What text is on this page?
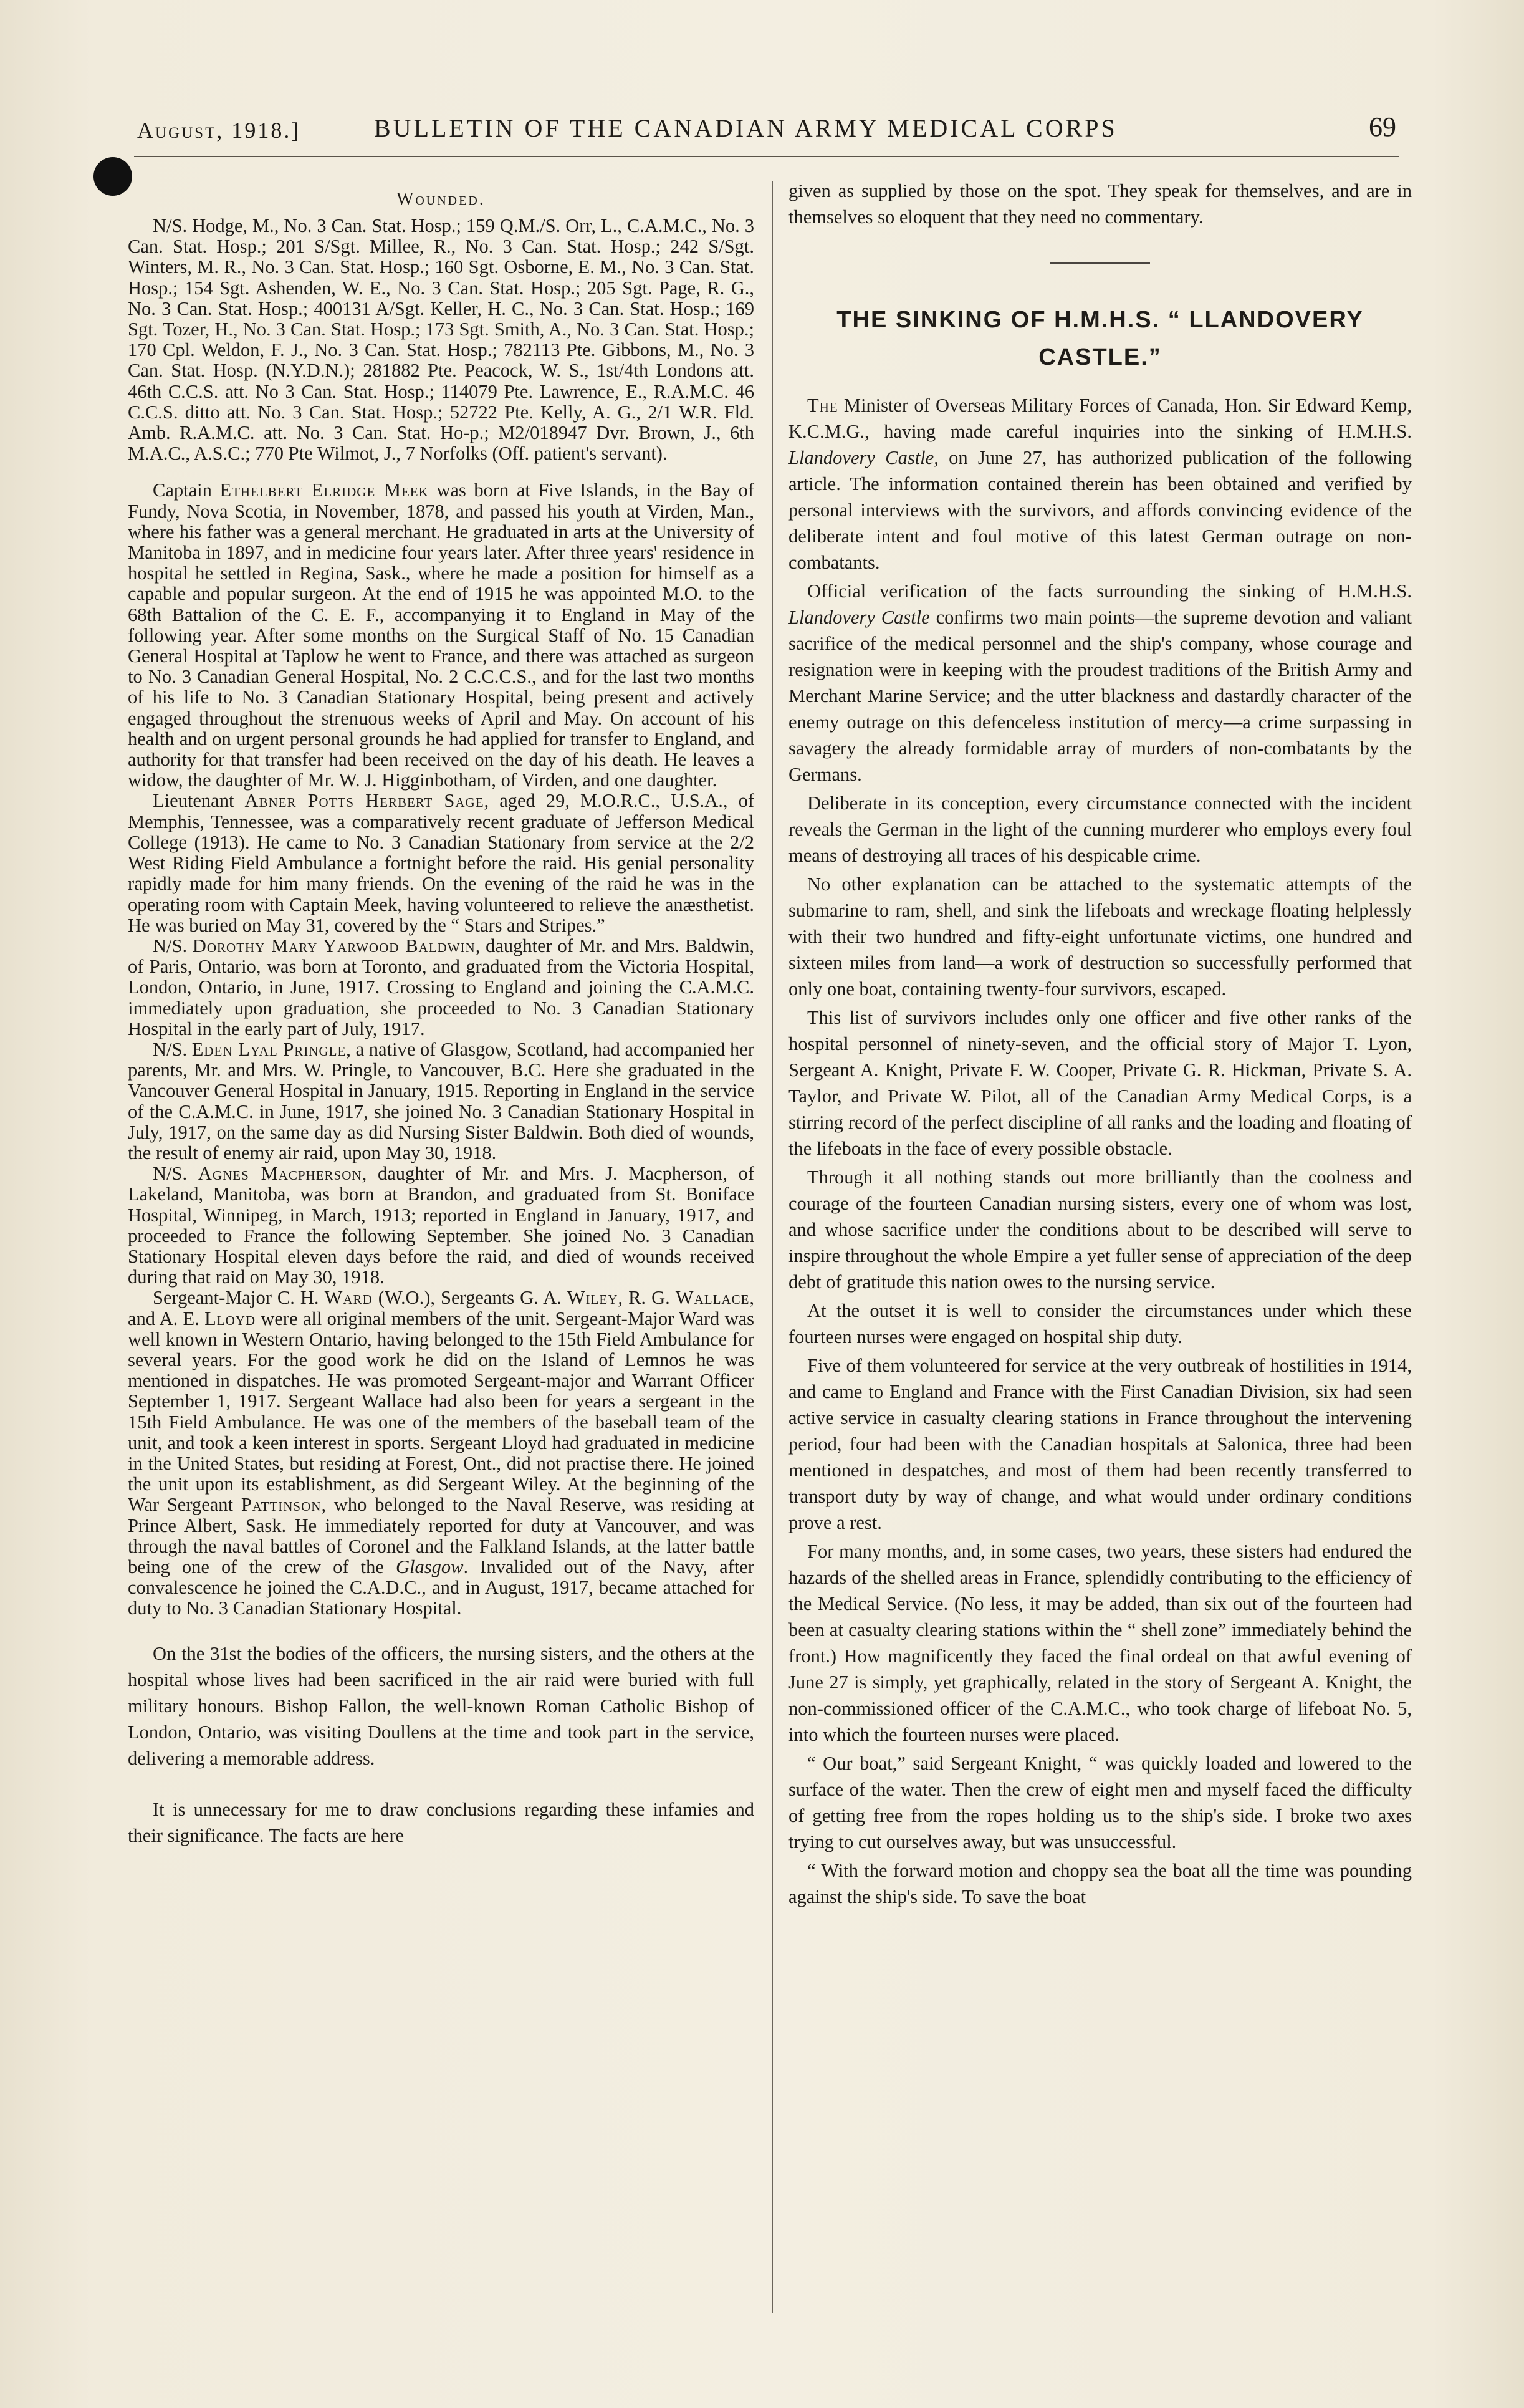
August, 1918.]	BULLETIN OF THE CANADIAN ARMY MEDICAL CORPS	69
Wounded.

N/S. Hodge, M., No. 3 Can. Stat. Hosp.; 159 Q.M./S. Orr, L., C.A.M.C., No. 3 Can. Stat. Hosp.; 201 S/Sgt. Millee, R., No. 3 Can. Stat. Hosp.; 242 S/Sgt. Winters, M. R., No. 3 Can. Stat. Hosp.; 160 Sgt. Osborne, E. M., No. 3 Can. Stat. Hosp.; 154 Sgt. Ashenden, W. E., No. 3 Can. Stat. Hosp.; 205 Sgt. Page, R. G., No. 3 Can. Stat. Hosp.; 400131 A/Sgt. Keller, H. C., No. 3 Can. Stat. Hosp.; 169 Sgt. Tozer, H., No. 3 Can. Stat. Hosp.; 173 Sgt. Smith, A., No. 3 Can. Stat. Hosp.; 170 Cpl. Weldon, F. J., No. 3 Can. Stat. Hosp.; 782113 Pte. Gibbons, M., No. 3 Can. Stat. Hosp. (N.Y.D.N.); 281882 Pte. Peacock, W. S., 1st/4th Londons att. 46th C.C.S. att. No 3 Can. Stat. Hosp.; 114079 Pte. Lawrence, E., R.A.M.C. 46 C.C.S. ditto att. No. 3 Can. Stat. Hosp.; 52722 Pte. Kelly, A. G., 2/1 W.R. Fld. Amb. R.A.M.C. att. No. 3 Can. Stat. Ho-p.; M2/018947 Dvr. Brown, J., 6th M.A.C., A.S.C.; 770 Pte Wilmot, J., 7 Norfolks (Off. patient's servant).

Captain Ethelbert Elridge Meek was born at Five Islands, in the Bay of Fundy, Nova Scotia, in November, 1878, and passed his youth at Virden, Man., where his father was a general merchant. He graduated in arts at the University of Manitoba in 1897, and in medicine four years later. After three years' residence in hospital he settled in Regina, Sask., where he made a position for himself as a capable and popular surgeon. At the end of 1915 he was appointed M.O. to the 68th Battalion of the C. E. F., accompanying it to England in May of the following year. After some months on the Surgical Staff of No. 15 Canadian General Hospital at Taplow he went to France, and there was attached as surgeon to No. 3 Canadian General Hospital, No. 2 C.C.C.S., and for the last two months of his life to No. 3 Canadian Stationary Hospital, being present and actively engaged throughout the strenuous weeks of April and May. On account of his health and on urgent personal grounds he had applied for transfer to England, and authority for that transfer had been received on the day of his death. He leaves a widow, the daughter of Mr. W. J. Higginbotham, of Virden, and one daughter.

Lieutenant Abner Potts Herbert Sage, aged 29, M.O.R.C., U.S.A., of Memphis, Tennessee, was a comparatively recent graduate of Jefferson Medical College (1913). He came to No. 3 Canadian Stationary from service at the 2/2 West Riding Field Ambulance a fortnight before the raid. His genial personality rapidly made for him many friends. On the evening of the raid he was in the operating room with Captain Meek, having volunteered to relieve the anæsthetist. He was buried on May 31, covered by the “ Stars and Stripes.”

N/S. Dorothy Mary Yarwood Baldwin, daughter of Mr. and Mrs. Baldwin, of Paris, Ontario, was born at Toronto, and graduated from the Victoria Hospital, London, Ontario, in June, 1917. Crossing to England and joining the C.A.M.C. immediately upon graduation, she proceeded to No. 3 Canadian Stationary Hospital in the early part of July, 1917.

N/S. Eden Lyal Pringle, a native of Glasgow, Scotland, had accompanied her parents, Mr. and Mrs. W. Pringle, to Vancouver, B.C. Here she graduated in the Vancouver General Hospital in January, 1915. Reporting in England in the service of the C.A.M.C. in June, 1917, she joined No. 3 Canadian Stationary Hospital in July, 1917, on the same day as did Nursing Sister Baldwin. Both died of wounds, the result of enemy air raid, upon May 30, 1918.

N/S. Agnes Macpherson, daughter of Mr. and Mrs. J. Macpherson, of Lakeland, Manitoba, was born at Brandon, and graduated from St. Boniface Hospital, Winnipeg, in March, 1913; reported in England in January, 1917, and proceeded to France the following September. She joined No. 3 Canadian Stationary Hospital eleven days before the raid, and died of wounds received during that raid on May 30, 1918.

Sergeant-Major C. H. Ward (W.O.), Sergeants G. A. Wiley, R. G. Wallace, and A. E. Lloyd were all original members of the unit. Sergeant-Major Ward was well known in Western Ontario, having belonged to the 15th Field Ambulance for several years. For the good work he did on the Island of Lemnos he was mentioned in dispatches. He was promoted Sergeant-major and Warrant Officer September 1, 1917. Sergeant Wallace had also been for years a sergeant in the 15th Field Ambulance. He was one of the members of the baseball team of the unit, and took a keen interest in sports. Sergeant Lloyd had graduated in medicine in the United States, but residing at Forest, Ont., did not practise there. He joined the unit upon its establishment, as did Sergeant Wiley. At the beginning of the War Sergeant Pattinson, who belonged to the Naval Reserve, was residing at Prince Albert, Sask. He immediately reported for duty at Vancouver, and was through the naval battles of Coronel and the Falkland Islands, at the latter battle being one of the crew of the Glasgow. Invalided out of the Navy, after convalescence he joined the C.A.D.C., and in August, 1917, became attached for duty to No. 3 Canadian Stationary Hospital.

On the 31st the bodies of the officers, the nursing sisters, and the others at the hospital whose lives had been sacrificed in the air raid were buried with full military honours. Bishop Fallon, the well-known Roman Catholic Bishop of London, Ontario, was visiting Doullens at the time and took part in the service, delivering a memorable address.

It is unnecessary for me to draw conclusions regarding these infamies and their significance. The facts are here

given as supplied by those on the spot. They speak for themselves, and are in themselves so eloquent that they need no commentary.

THE SINKING OF H.M.H.S. “ LLANDOVERY
CASTLE.”

The Minister of Overseas Military Forces of Canada, Hon. Sir Edward Kemp, K.C.M.G., having made careful inquiries into the sinking of H.M.H.S. Llandovery Castle, on June 27, has authorized publication of the following article. The information contained therein has been obtained and verified by personal interviews with the survivors, and affords convincing evidence of the deliberate intent and foul motive of this latest German outrage on non-combatants.

Official verification of the facts surrounding the sinking of H.M.H.S. Llandovery Castle confirms two main points—the supreme devotion and valiant sacrifice of the medical personnel and the ship's company, whose courage and resignation were in keeping with the proudest traditions of the British Army and Merchant Marine Service; and the utter blackness and dastardly character of the enemy outrage on this defenceless institution of mercy—a crime surpassing in savagery the already formidable array of murders of non-combatants by the Germans.

Deliberate in its conception, every circumstance connected with the incident reveals the German in the light of the cunning murderer who employs every foul means of destroying all traces of his despicable crime.

No other explanation can be attached to the systematic attempts of the submarine to ram, shell, and sink the lifeboats and wreckage floating helplessly with their two hundred and fifty-eight unfortunate victims, one hundred and sixteen miles from land—a work of destruction so successfully performed that only one boat, containing twenty-four survivors, escaped.

This list of survivors includes only one officer and five other ranks of the hospital personnel of ninety-seven, and the official story of Major T. Lyon, Sergeant A. Knight, Private F. W. Cooper, Private G. R. Hickman, Private S. A. Taylor, and Private W. Pilot, all of the Canadian Army Medical Corps, is a stirring record of the perfect discipline of all ranks and the loading and floating of the lifeboats in the face of every possible obstacle.

Through it all nothing stands out more brilliantly than the coolness and courage of the fourteen Canadian nursing sisters, every one of whom was lost, and whose sacrifice under the conditions about to be described will serve to inspire throughout the whole Empire a yet fuller sense of appreciation of the deep debt of gratitude this nation owes to the nursing service.

At the outset it is well to consider the circumstances under which these fourteen nurses were engaged on hospital ship duty.

Five of them volunteered for service at the very outbreak of hostilities in 1914, and came to England and France with the First Canadian Division, six had seen active service in casualty clearing stations in France throughout the intervening period, four had been with the Canadian hospitals at Salonica, three had been mentioned in despatches, and most of them had been recently transferred to transport duty by way of change, and what would under ordinary conditions prove a rest.

For many months, and, in some cases, two years, these sisters had endured the hazards of the shelled areas in France, splendidly contributing to the efficiency of the Medical Service. (No less, it may be added, than six out of the fourteen had been at casualty clearing stations within the “ shell zone” immediately behind the front.) How magnificently they faced the final ordeal on that awful evening of June 27 is simply, yet graphically, related in the story of Sergeant A. Knight, the non-commissioned officer of the C.A.M.C., who took charge of lifeboat No. 5, into which the fourteen nurses were placed.

“ Our boat,” said Sergeant Knight, “ was quickly loaded and lowered to the surface of the water. Then the crew of eight men and myself faced the difficulty of getting free from the ropes holding us to the ship's side. I broke two axes trying to cut ourselves away, but was unsuccessful.

“ With the forward motion and choppy sea the boat all the time was pounding against the ship's side. To save the boat
